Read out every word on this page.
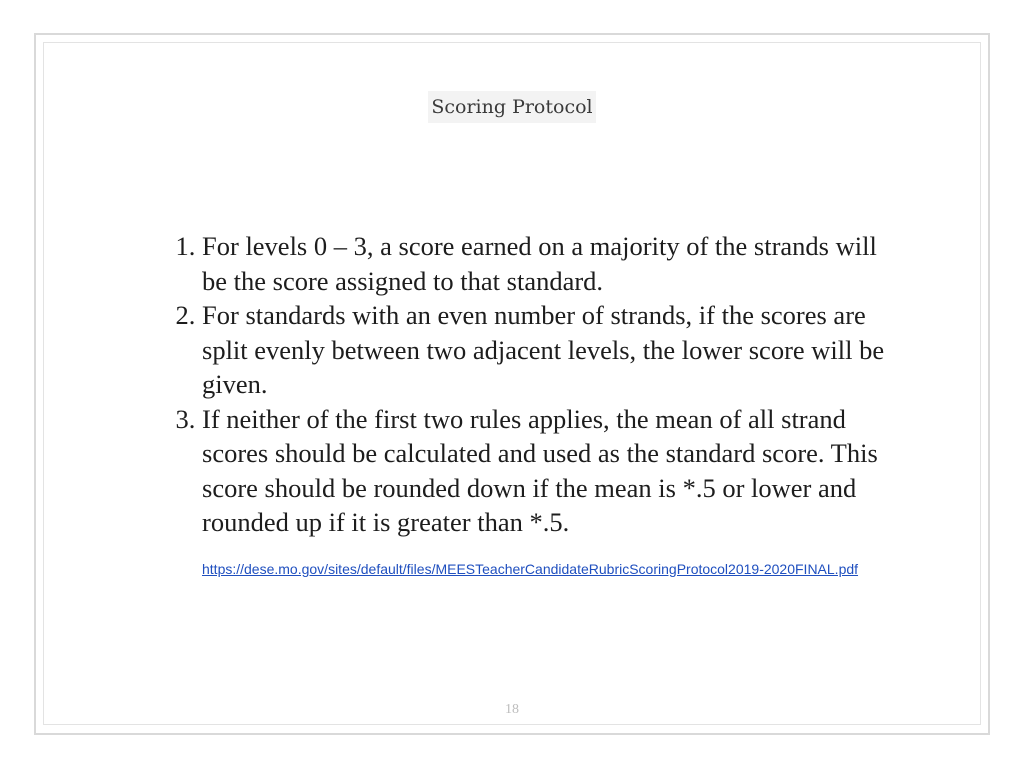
Scoring Protocol
1. For levels 0 – 3, a score earned on a majority of the strands will be the score assigned to that standard.
2. For standards with an even number of strands, if the scores are split evenly between two adjacent levels, the lower score will be given.
3. If neither of the first two rules applies, the mean of all strand scores should be calculated and used as the standard score. This score should be rounded down if the mean is *.5 or lower and rounded up if it is greater than *.5.
https://dese.mo.gov/sites/default/files/MEESTeacherCandidateRubricScoringProtocol2019-2020FINAL.pdf
18
